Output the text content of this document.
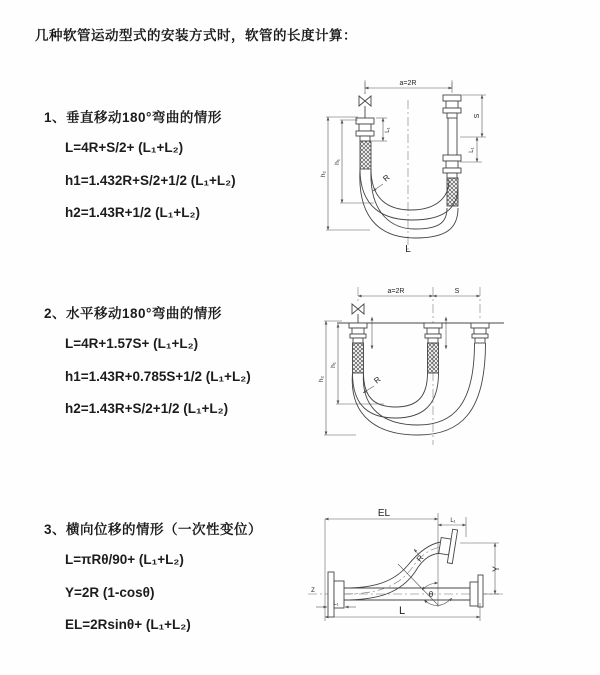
几种软管运动型式的安装方式时，软管的长度计算：
1、垂直移动180°弯曲的情形
L=4R+S/2+ (L₁+L₂)
h1=1.432R+S/2+1/2 (L₁+L₂)
h2=1.43R+1/2 (L₁+L₂)
2、水平移动180°弯曲的情形
L=4R+1.57S+ (L₁+L₂)
h1=1.43R+0.785S+1/2 (L₁+L₂)
h2=1.43R+S/2+1/2 (L₁+L₂)
3、横向位移的情形（一次性变位）
L=πRθ/90+ (L₁+L₂)
Y=2R (1-cosθ)
EL=2Rsinθ+ (L₁+L₂)
a=2R
h₂
h₁
L₁
S
L₁
R
L
a=2R	S
h₂
h₁
R
Z
EL
L₁
Y
θ
R
L₁
L
